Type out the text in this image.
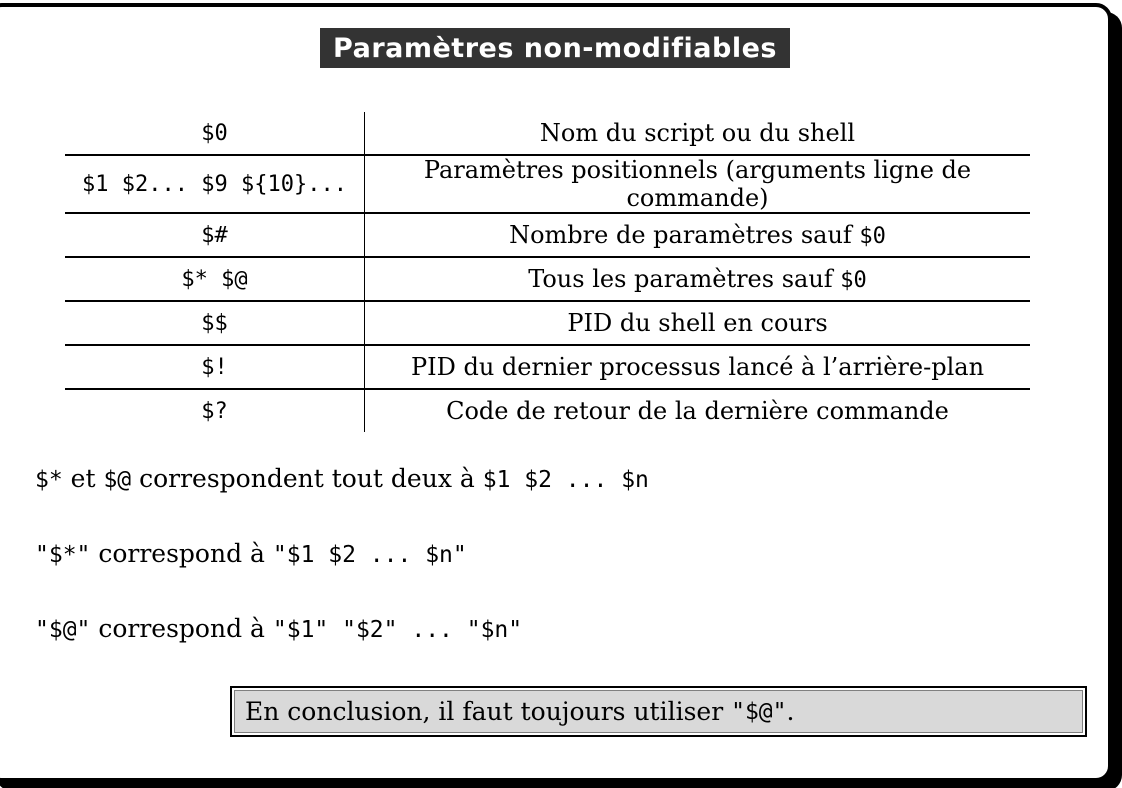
Paramètres non-modifiables
$0	Nom du script ou du shell
$1 $2... $9 ${10}...	Paramètres positionnels (arguments ligne de commande)
$#	Nombre de paramètres sauf $0
$* $@	Tous les paramètres sauf $0
$$	PID du shell en cours
$!	PID du dernier processus lancé à l’arrière-plan
$?	Code de retour de la dernière commande
$* et $@ correspondent tout deux à $1 $2 ... $n
"$*" correspond à "$1 $2 ... $n"
"$@" correspond à "$1" "$2" ... "$n"
En conclusion, il faut toujours utiliser "$@" .
